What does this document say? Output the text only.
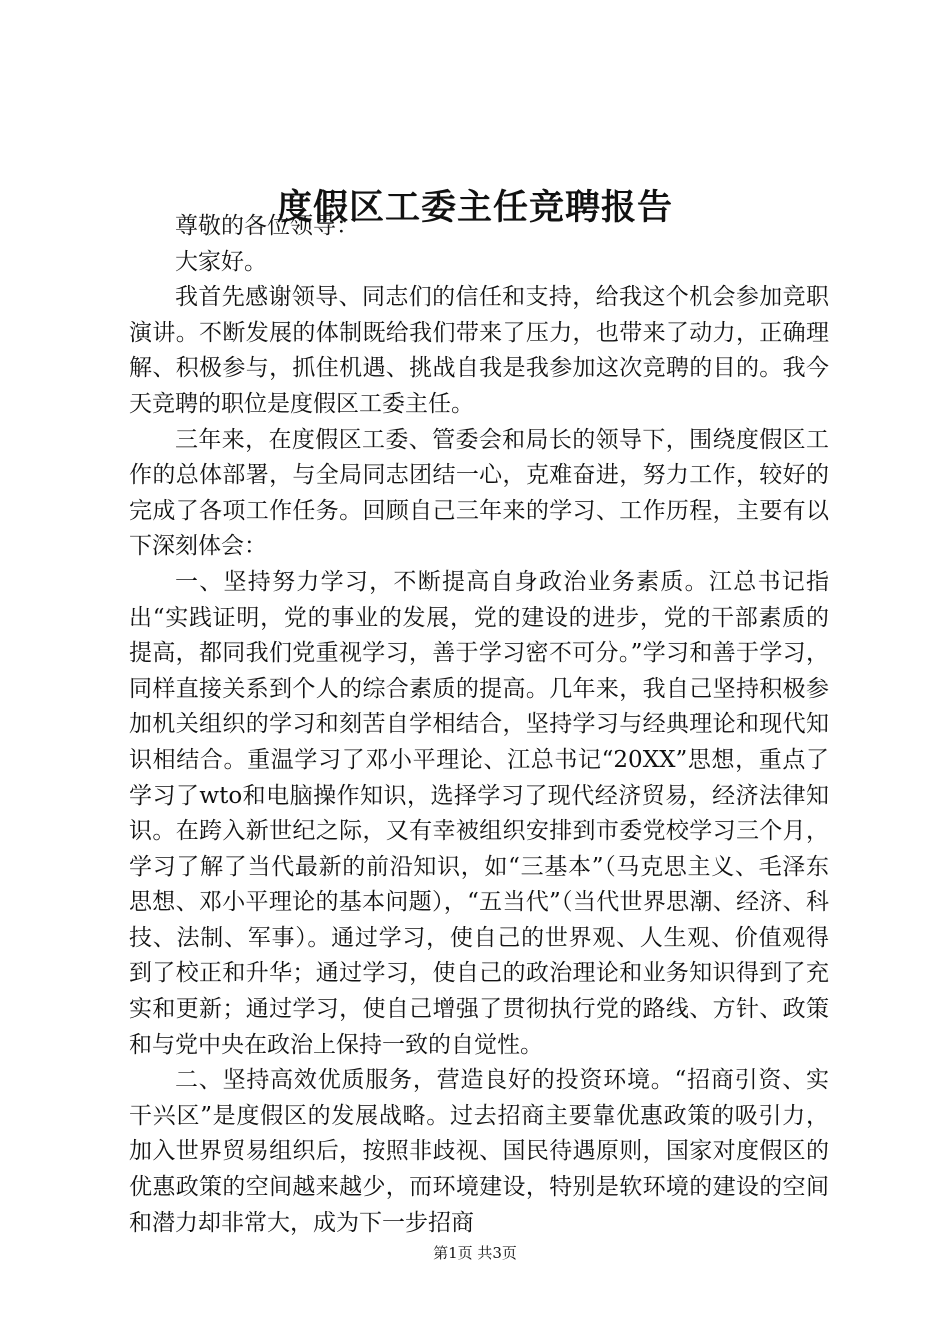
度假区工委主任竞聘报告

尊敬的各位领导：

大家好。

我首先感谢领导、同志们的信任和支持，给我这个机会参加竞职演讲。不断发展的体制既给我们带来了压力，也带来了动力，正确理解、积极参与，抓住机遇、挑战自我是我参加这次竞聘的目的。我今天竞聘的职位是度假区工委主任。

三年来，在度假区工委、管委会和局长的领导下，围绕度假区工作的总体部署，与全局同志团结一心，克难奋进，努力工作，较好的完成了各项工作任务。回顾自己三年来的学习、工作历程，主要有以下深刻体会：

一、坚持努力学习，不断提高自身政治业务素质。江总书记指出“实践证明，党的事业的发展，党的建设的进步，党的干部素质的提高，都同我们党重视学习，善于学习密不可分。”学习和善于学习，同样直接关系到个人的综合素质的提高。几年来，我自己坚持积极参加机关组织的学习和刻苦自学相结合，坚持学习与经典理论和现代知识相结合。重温学习了邓小平理论、江总书记“20XX”思想，重点了学习了wto和电脑操作知识，选择学习了现代经济贸易，经济法律知识。在跨入新世纪之际，又有幸被组织安排到市委党校学习三个月，学习了解了当代最新的前沿知识，如“三基本”（马克思主义、毛泽东思想、邓小平理论的基本问题），“五当代”（当代世界思潮、经济、科技、法制、军事）。通过学习，使自己的世界观、人生观、价值观得到了校正和升华；通过学习，使自己的政治理论和业务知识得到了充实和更新；通过学习，使自己增强了贯彻执行党的路线、方针、政策和与党中央在政治上保持一致的自觉性。

二、坚持高效优质服务，营造良好的投资环境。“招商引资、实干兴区”是度假区的发展战略。过去招商主要靠优惠政策的吸引力，加入世界贸易组织后，按照非歧视、国民待遇原则，国家对度假区的优惠政策的空间越来越少，而环境建设，特别是软环境的建设的空间和潜力却非常大，成为下一步招商

第1页 共3页
